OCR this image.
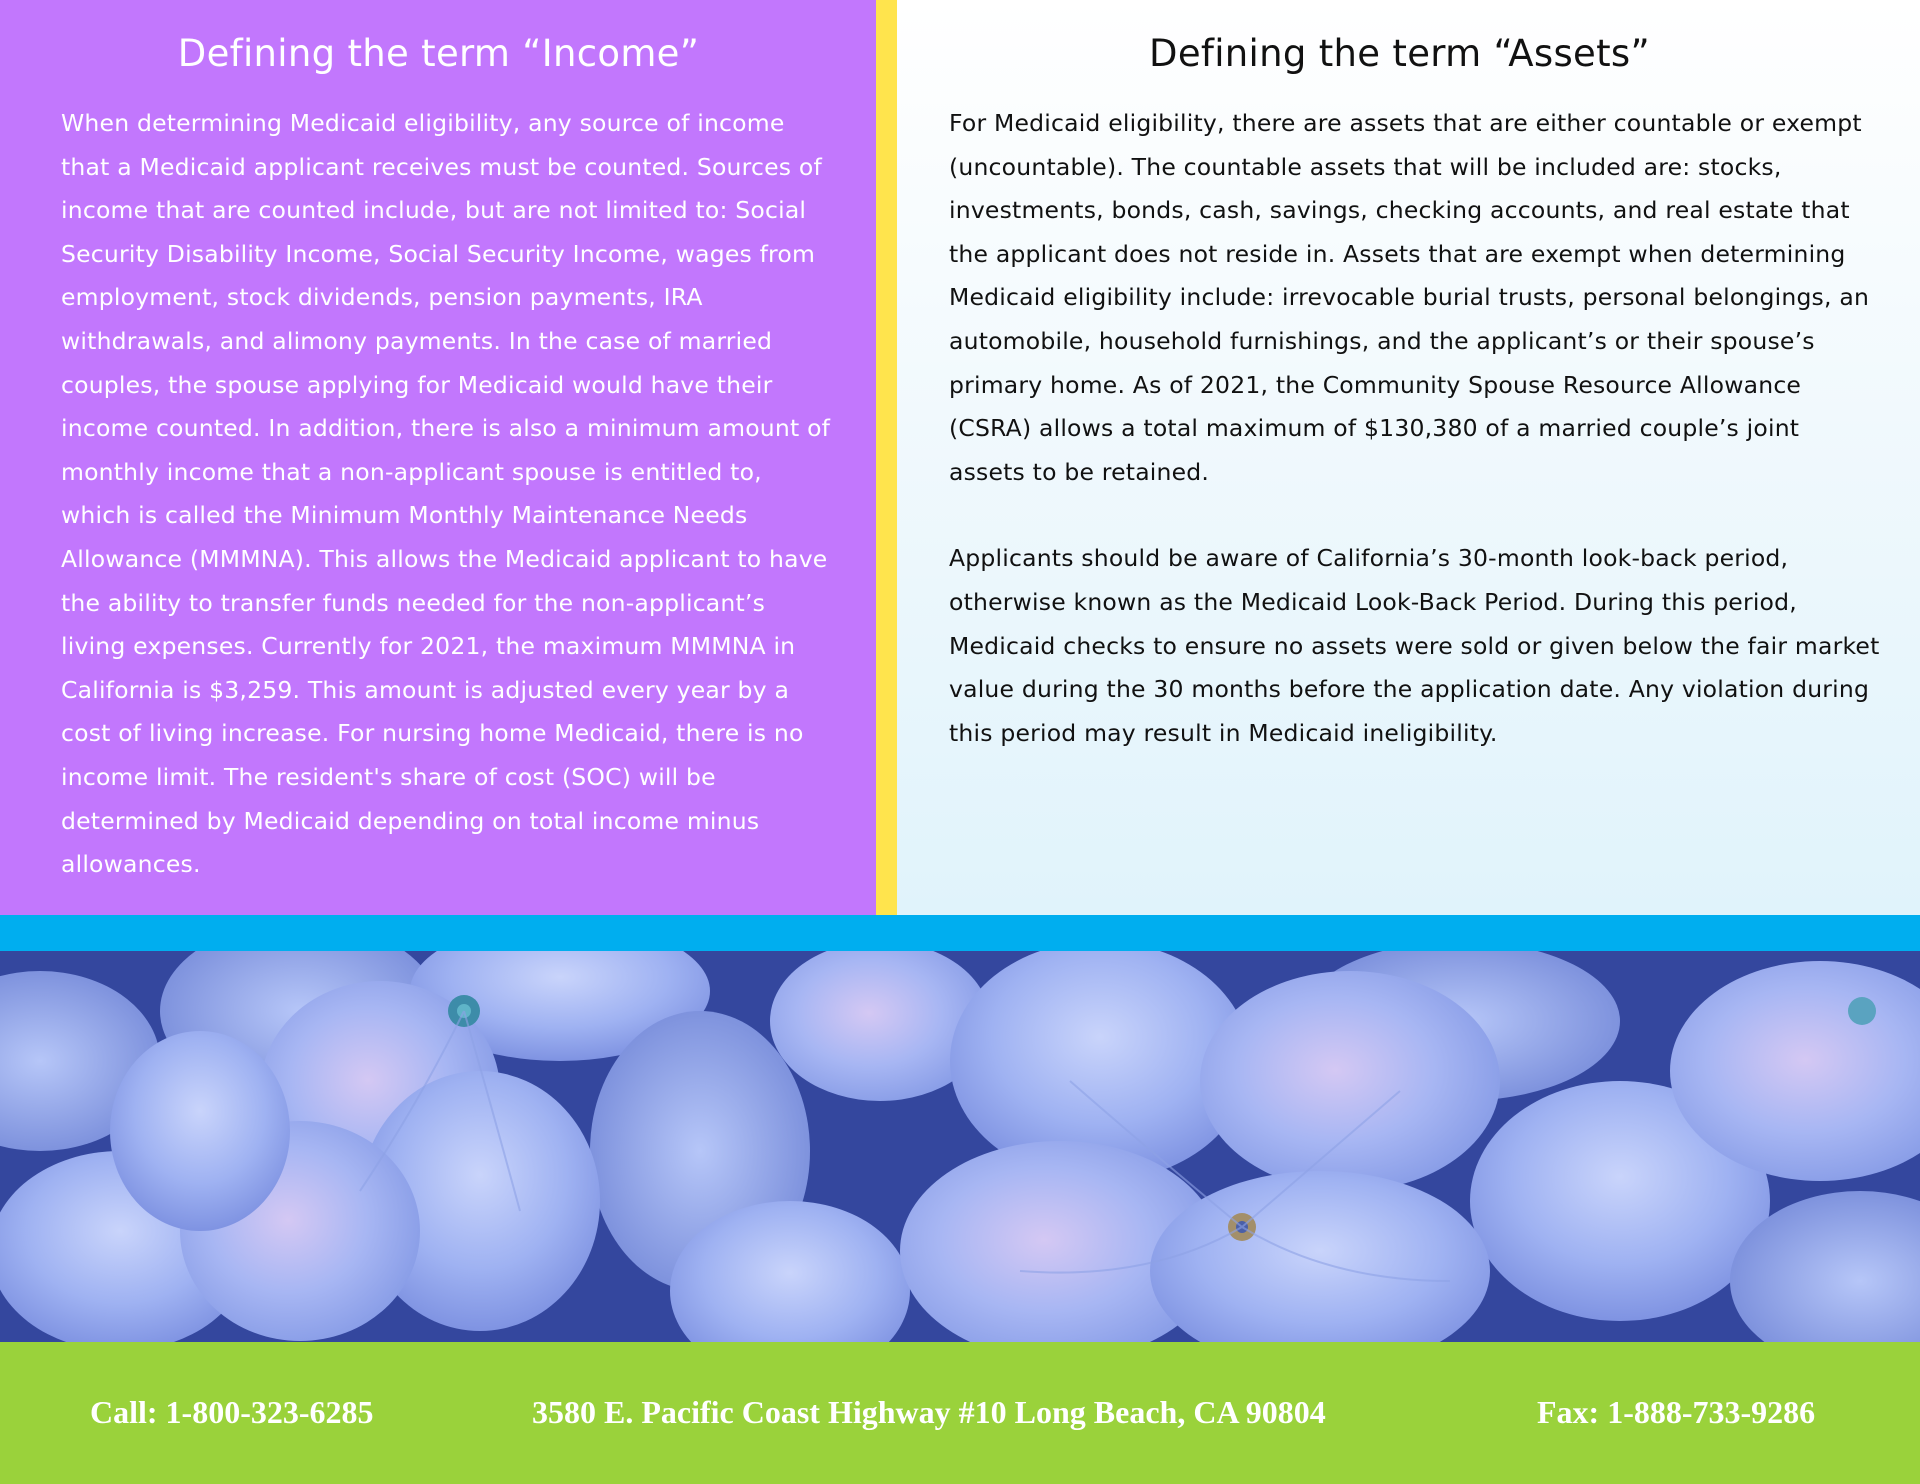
Defining the term “Income”

When determining Medicaid eligibility, any source of income that a Medicaid applicant receives must be counted. Sources of income that are counted include, but are not limited to: Social Security Disability Income, Social Security Income, wages from employment, stock dividends, pension payments, IRA withdrawals, and alimony payments. In the case of married couples, the spouse applying for Medicaid would have their income counted. In addition, there is also a minimum amount of monthly income that a non-applicant spouse is entitled to, which is called the Minimum Monthly Maintenance Needs Allowance (MMMNA). This allows the Medicaid applicant to have the ability to transfer funds needed for the non-applicant’s living expenses. Currently for 2021, the maximum MMMNA in California is $3,259. This amount is adjusted every year by a cost of living increase. For nursing home Medicaid, there is no income limit. The resident's share of cost (SOC) will be determined by Medicaid depending on total income minus allowances.

Defining the term “Assets”

For Medicaid eligibility, there are assets that are either countable or exempt (uncountable). The countable assets that will be included are: stocks, investments, bonds, cash, savings, checking accounts, and real estate that the applicant does not reside in. Assets that are exempt when determining Medicaid eligibility include: irrevocable burial trusts, personal belongings, an automobile, household furnishings, and the applicant’s or their spouse’s primary home. As of 2021, the Community Spouse Resource Allowance (CSRA) allows a total maximum of $130,380 of a married couple’s joint assets to be retained.

Applicants should be aware of California’s 30-month look-back period, otherwise known as the Medicaid Look-Back Period. During this period, Medicaid checks to ensure no assets were sold or given below the fair market value during the 30 months before the application date. Any violation during this period may result in Medicaid ineligibility.

Call: 1-800-323-6285	3580 E. Pacific Coast Highway #10 Long Beach, CA 90804	Fax: 1-888-733-9286
